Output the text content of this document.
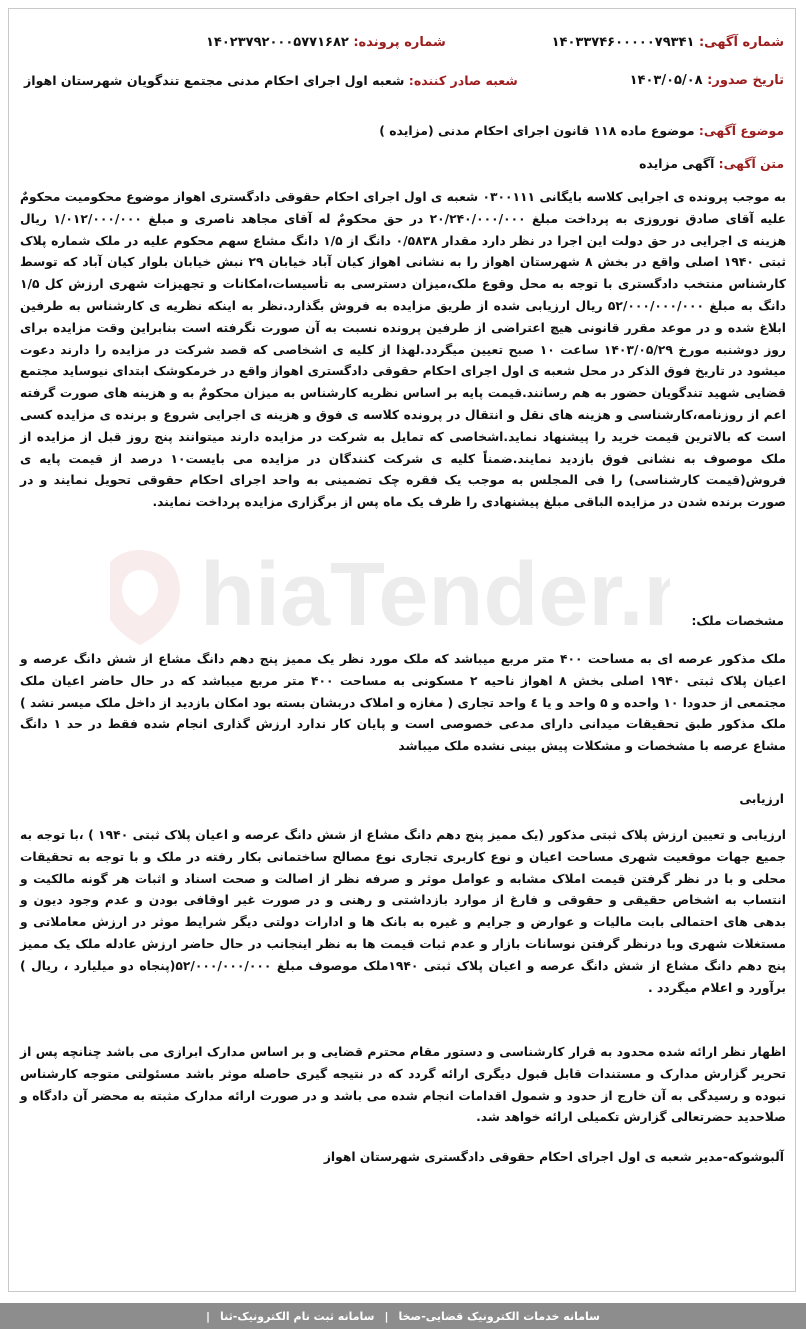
hiaTender.
شماره آگهی: ۱۴۰۳۳۷۴۶۰۰۰۰۰۷۹۳۴۱
شماره پرونده: ۱۴۰۲۳۷۹۲۰۰۰۵۷۷۱۶۸۲
تاریخ صدور: ۱۴۰۳/۰۵/۰۸
شعبه صادر کننده: شعبه اول اجرای احکام مدنی مجتمع تندگویان شهرستان اهواز
موضوع آگهی: موضوع ماده ۱۱۸ قانون اجرای احکام مدنی (مزایده )
متن آگهی: آگهی مزایده
به موجب پرونده ی اجرایی کلاسه بایگانی ۰۳۰۰۱۱۱ شعبه ی اول اجرای احکام حقوقی دادگستری اهواز موضوع محکومیت محکومٌ علیه آقای صادق نوروزی به پرداخت مبلغ ۲۰/۲۴۰/۰۰۰/۰۰۰ در حق محکومٌ له آقای مجاهد ناصری و مبلغ ۱/۰۱۲/۰۰۰/۰۰۰ ریال هزینه ی اجرایی در حق دولت این اجرا در نظر دارد مقدار ۰/۵۸۳۸ دانگ از ۱/۵ دانگ مشاع سهم محکوم علیه در ملک شماره پلاک ثبتی ۱۹۴۰ اصلی واقع در بخش ۸ شهرستان اهواز را به نشانی اهواز کیان آباد خیابان ۲۹ نبش خیابان بلوار کیان آباد که توسط کارشناس منتخب دادگستری با توجه به محل وقوع ملک،میزان دسترسی به تأسیسات،امکانات و تجهیزات شهری ارزش کل ۱/۵ دانگ به مبلغ ۵۲/۰۰۰/۰۰۰/۰۰۰ ریال ارزیابی شده از طریق مزایده به فروش بگذارد.نظر به اینکه نظریه ی کارشناس به طرفین ابلاغ شده و در موعد مقرر قانونی هیچ اعتراضی از طرفین پرونده نسبت به آن صورت نگرفته است بنابراین وقت مزایده برای روز دوشنبه مورخ ۱۴۰۳/۰۵/۲۹ ساعت ۱۰ صبح تعیین میگردد.لهذا از کلیه ی اشخاصی که قصد شرکت در مزایده را دارند دعوت میشود در تاریخ فوق الذکر در محل شعبه ی اول اجرای احکام حقوقی دادگستری اهواز واقع در خرمکوشک ابتدای نیوساید مجتمع قضایی شهید تندگویان حضور به هم رسانند.قیمت پایه بر اساس نظریه کارشناس به میزان محکومٌ به و هزینه های صورت گرفته اعم از روزنامه،کارشناسی و هزینه های نقل و انتقال در پرونده کلاسه ی فوق و هزینه ی اجرایی شروع و برنده ی مزایده کسی است که بالاترین قیمت خرید را پیشنهاد نماید.اشخاصی که تمایل به شرکت در مزایده دارند میتوانند پنج روز قبل از مزایده از ملک موصوف به نشانی فوق بازدید نمایند.ضمناً کلیه ی شرکت کنندگان در مزایده می بایست۱۰ درصد از قیمت پایه ی فروش(قیمت کارشناسی) را فی المجلس به موجب یک فقره چک تضمینی به واحد اجرای احکام حقوقی تحویل نمایند و در صورت برنده شدن در مزایده الباقی مبلغ پیشنهادی را ظرف یک ماه پس از برگزاری مزایده پرداخت نمایند.
مشخصات ملک:
ملک مذکور عرصه ای به مساحت ۴۰۰ متر مربع میباشد که ملک مورد نظر یک ممیز پنج دهم دانگ مشاع از شش دانگ عرصه و اعیان پلاک ثبتی ۱۹۴۰ اصلی بخش ۸ اهواز ناحیه ۲ مسکونی به مساحت ۴۰۰ متر مربع میباشد که در حال حاضر اعیان ملک مجتمعی از حدودا ۱۰ واحده و ۵ واحد و یا ٤ واحد تجاری ( مغازه و املاک دربشان بسته بود امکان بازدید از داخل ملک میسر نشد ) ملک مذکور طبق تحقیقات میدانی دارای مدعی خصوصی است و پایان کار ندارد ارزش گذاری انجام شده فقط در حد ۱ دانگ مشاع عرصه با مشخصات و مشکلات پیش بینی نشده ملک میباشد
ارزیابی
ارزیابی و تعیین ارزش پلاک ثبتی مذکور (یک ممیز پنج دهم دانگ مشاع از شش دانگ عرصه و اعیان پلاک ثبتی ۱۹۴۰ ) ،با توجه به جمیع جهات موقعیت شهری مساحت اعیان و نوع کاربری تجاری نوع مصالح ساختمانی بکار رفته در ملک و با توجه به تحقیقات محلی و با در نظر گرفتن قیمت املاک مشابه و عوامل موثر و صرفه نظر از اصالت و صحت اسناد و اثبات هر گونه مالکیت و انتساب به اشخاص حقیقی و حقوقی و فارغ از موارد بازداشتی و رهنی و در صورت غیر اوقافی بودن و عدم وجود دیون و بدهی های احتمالی بابت مالیات و عوارض و جرایم و غیره به بانک ها و ادارات دولتی دیگر شرایط موثر در ارزش معاملاتی و مستغلات شهری وبا درنظر گرفتن نوسانات بازار و عدم ثبات قیمت ها به نظر اینجانب در حال حاضر ارزش عادله ملک یک ممیز پنج دهم دانگ مشاع از شش دانگ عرصه و اعیان پلاک ثبتی ۱۹۴۰ملک موصوف مبلغ ۵۲/۰۰۰/۰۰۰/۰۰۰(پنجاه دو میلیارد ، ریال ) برآورد و اعلام میگردد .
اظهار نظر ارائه شده محدود به قرار کارشناسی و دستور مقام محترم قضایی و بر اساس مدارک ابرازی می باشد چنانچه پس از تحریر گزارش مدارک و مستندات قابل قبول دیگری ارائه گردد که در نتیجه گیری حاصله موثر باشد مسئولتی متوجه کارشناس نبوده و رسیدگی به آن خارج از حدود و شمول اقدامات انجام شده می باشد و در صورت ارائه مدارک مثبته به محضر آن دادگاه و صلاحدید حضرتعالی گزارش تکمیلی ارائه خواهد شد.
آلبوشوکه-مدیر شعبه ی اول اجرای احکام حقوقی دادگستری شهرستان اهواز
سامانه خدمات الکترونیک قضایی-صخا
|
سامانه ثبت نام الکترونیک-ثنا
|
